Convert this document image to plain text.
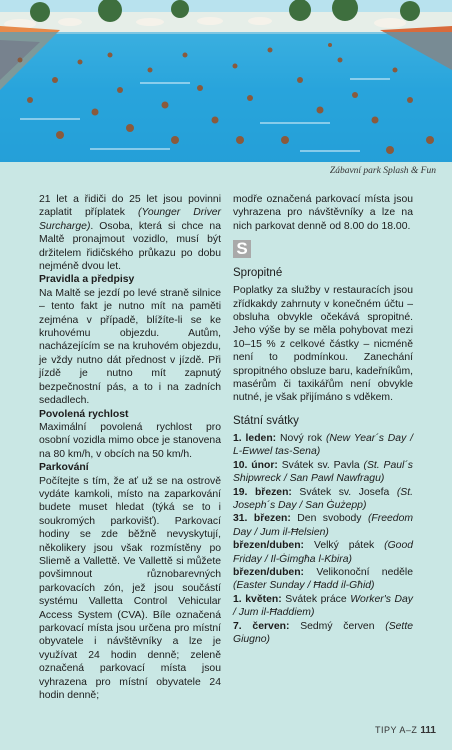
Zábavní park Splash & Fun

21 let a řidiči do 25 let jsou povinni zaplatit příplatek (Younger Driver Surcharge). Osoba, která si chce na Maltě pronajmout vozidlo, musí být držitelem řidičského průkazu po dobu nejméně dvou let.

Pravidla a předpisy

Na Maltě se jezdí po levé straně silnice – tento fakt je nutno mít na paměti zejména v případě, blížíte-li se ke kruhovému objezdu. Autům, nacházejícím se na kruhovém objezdu, je vždy nutno dát přednost v jízdě. Při jízdě je nutno mít zapnutý bezpečnostní pás, a to i na zadních sedadlech.

Povolená rychlost

Maximální povolená rychlost pro osobní vozidla mimo obce je stanovena na 80 km/h, v obcích na 50 km/h.

Parkování

Počítejte s tím, že ať už se na ostrově vydáte kamkoli, místo na zaparkování budete muset hledat (týká se to i soukromých parkovišť). Parkovací hodiny se zde běžně nevyskytují, několikery jsou však rozmístěny po Sliemě a Vallettě. Ve Vallettě si můžete povšimnout různobarevných parkovacích zón, jež jsou součástí systému Valletta Control Vehicular Access System (CVA). Bíle označená parkovací místa jsou určena pro místní obyvatele i návštěvníky a lze je využívat 24 hodin denně; zeleně označená parkovací místa jsou vyhrazena pro místní obyvatele 24 hodin denně;

modře označená parkovací místa jsou vyhrazena pro návštěvníky a lze na nich parkovat denně od 8.00 do 18.00.

S
Spropitné

Poplatky za služby v restauracích jsou zřídkakdy zahrnuty v konečném účtu – obsluha obvykle očekává spropitné. Jeho výše by se měla pohybovat mezi 10–15 % z celkové částky – nicméně není to podmínkou. Zanechání spropitného obsluze baru, kadeřníkům, masérům či taxikářům není obvykle nutné, je však přijímáno s vděkem.

Státní svátky

1. leden: Nový rok (New Year´s Day / L-Ewwel tas-Sena)

10. únor: Svátek sv. Pavla (St. Paul´s Shipwreck / San Pawl Nawfragu)

19. březen: Svátek sv. Josefa (St. Joseph´s Day / San Ġużepp)

31. březen: Den svobody (Freedom Day / Jum il-Ħelsien)

březen/duben: Velký pátek (Good Friday / Il-Ġimgħa l-Kbira)

březen/duben: Velikonoční neděle (Easter Sunday / Ħadd il-Għid)

1. květen: Svátek práce Worker's Day / Jum il-Ħaddiem)

7. červen: Sedmý červen (Sette Giugno)

TIPY A–Z 111
